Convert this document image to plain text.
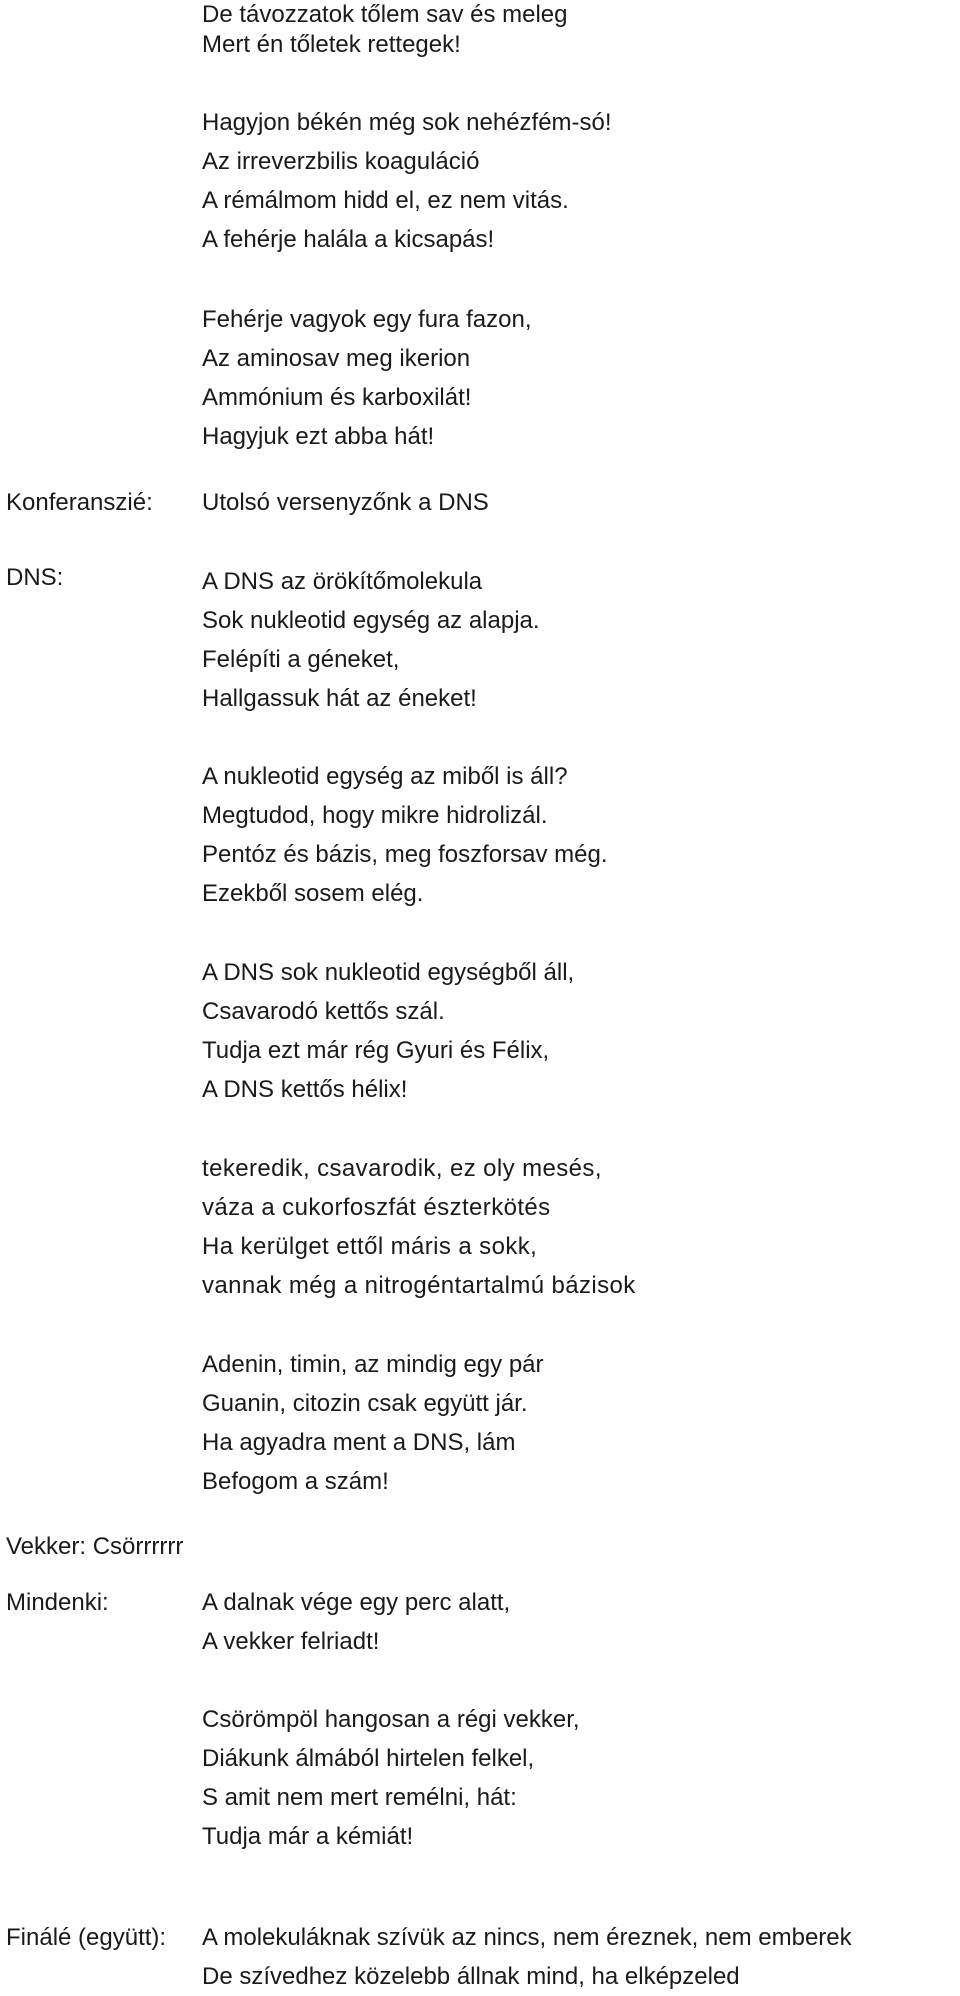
De távozzatok tőlem sav és meleg

Mert én tőletek rettegek!

Hagyjon békén még sok nehézfém-só!

Az irreverzbilis koaguláció

A rémálmom hidd el, ez nem vitás.

A fehérje halála a kicsapás!

Fehérje vagyok egy fura fazon,

Az aminosav meg ikerion

Ammónium és karboxilát!

Hagyjuk ezt abba hát!

Konferanszié: Utolsó versenyzőnk a DNS

DNS:	A DNS az örökítőmolekula

Sok nukleotid egység az alapja.

Felépíti a géneket,

Hallgassuk hát az éneket!

A nukleotid egység az miből is áll?

Megtudod, hogy mikre hidrolizál.

Pentóz és bázis, meg foszforsav még.

Ezekből sosem elég.

A DNS sok nukleotid egységből áll,

Csavarodó kettős szál.

Tudja ezt már rég Gyuri és Félix,

A DNS kettős hélix!

tekeredik, csavarodik, ez oly mesés,

váza a cukorfoszfát észterkötés

Ha kerülget ettől máris a sokk,

vannak még a nitrogéntartalmú bázisok

Adenin, timin, az mindig egy pár

Guanin, citozin csak együtt jár.

Ha agyadra ment a DNS, lám

Befogom a szám!

Vekker: Csörrrrrr

Mindenki:	A dalnak vége egy perc alatt,

A vekker felriadt!

Csörömpöl hangosan a régi vekker,

Diákunk álmából hirtelen felkel,

S amit nem mert remélni, hát:

Tudja már a kémiát!

Finálé (együtt): A molekuláknak szívük az nincs, nem éreznek, nem emberek

De szívedhez közelebb állnak mind, ha elképzeled
